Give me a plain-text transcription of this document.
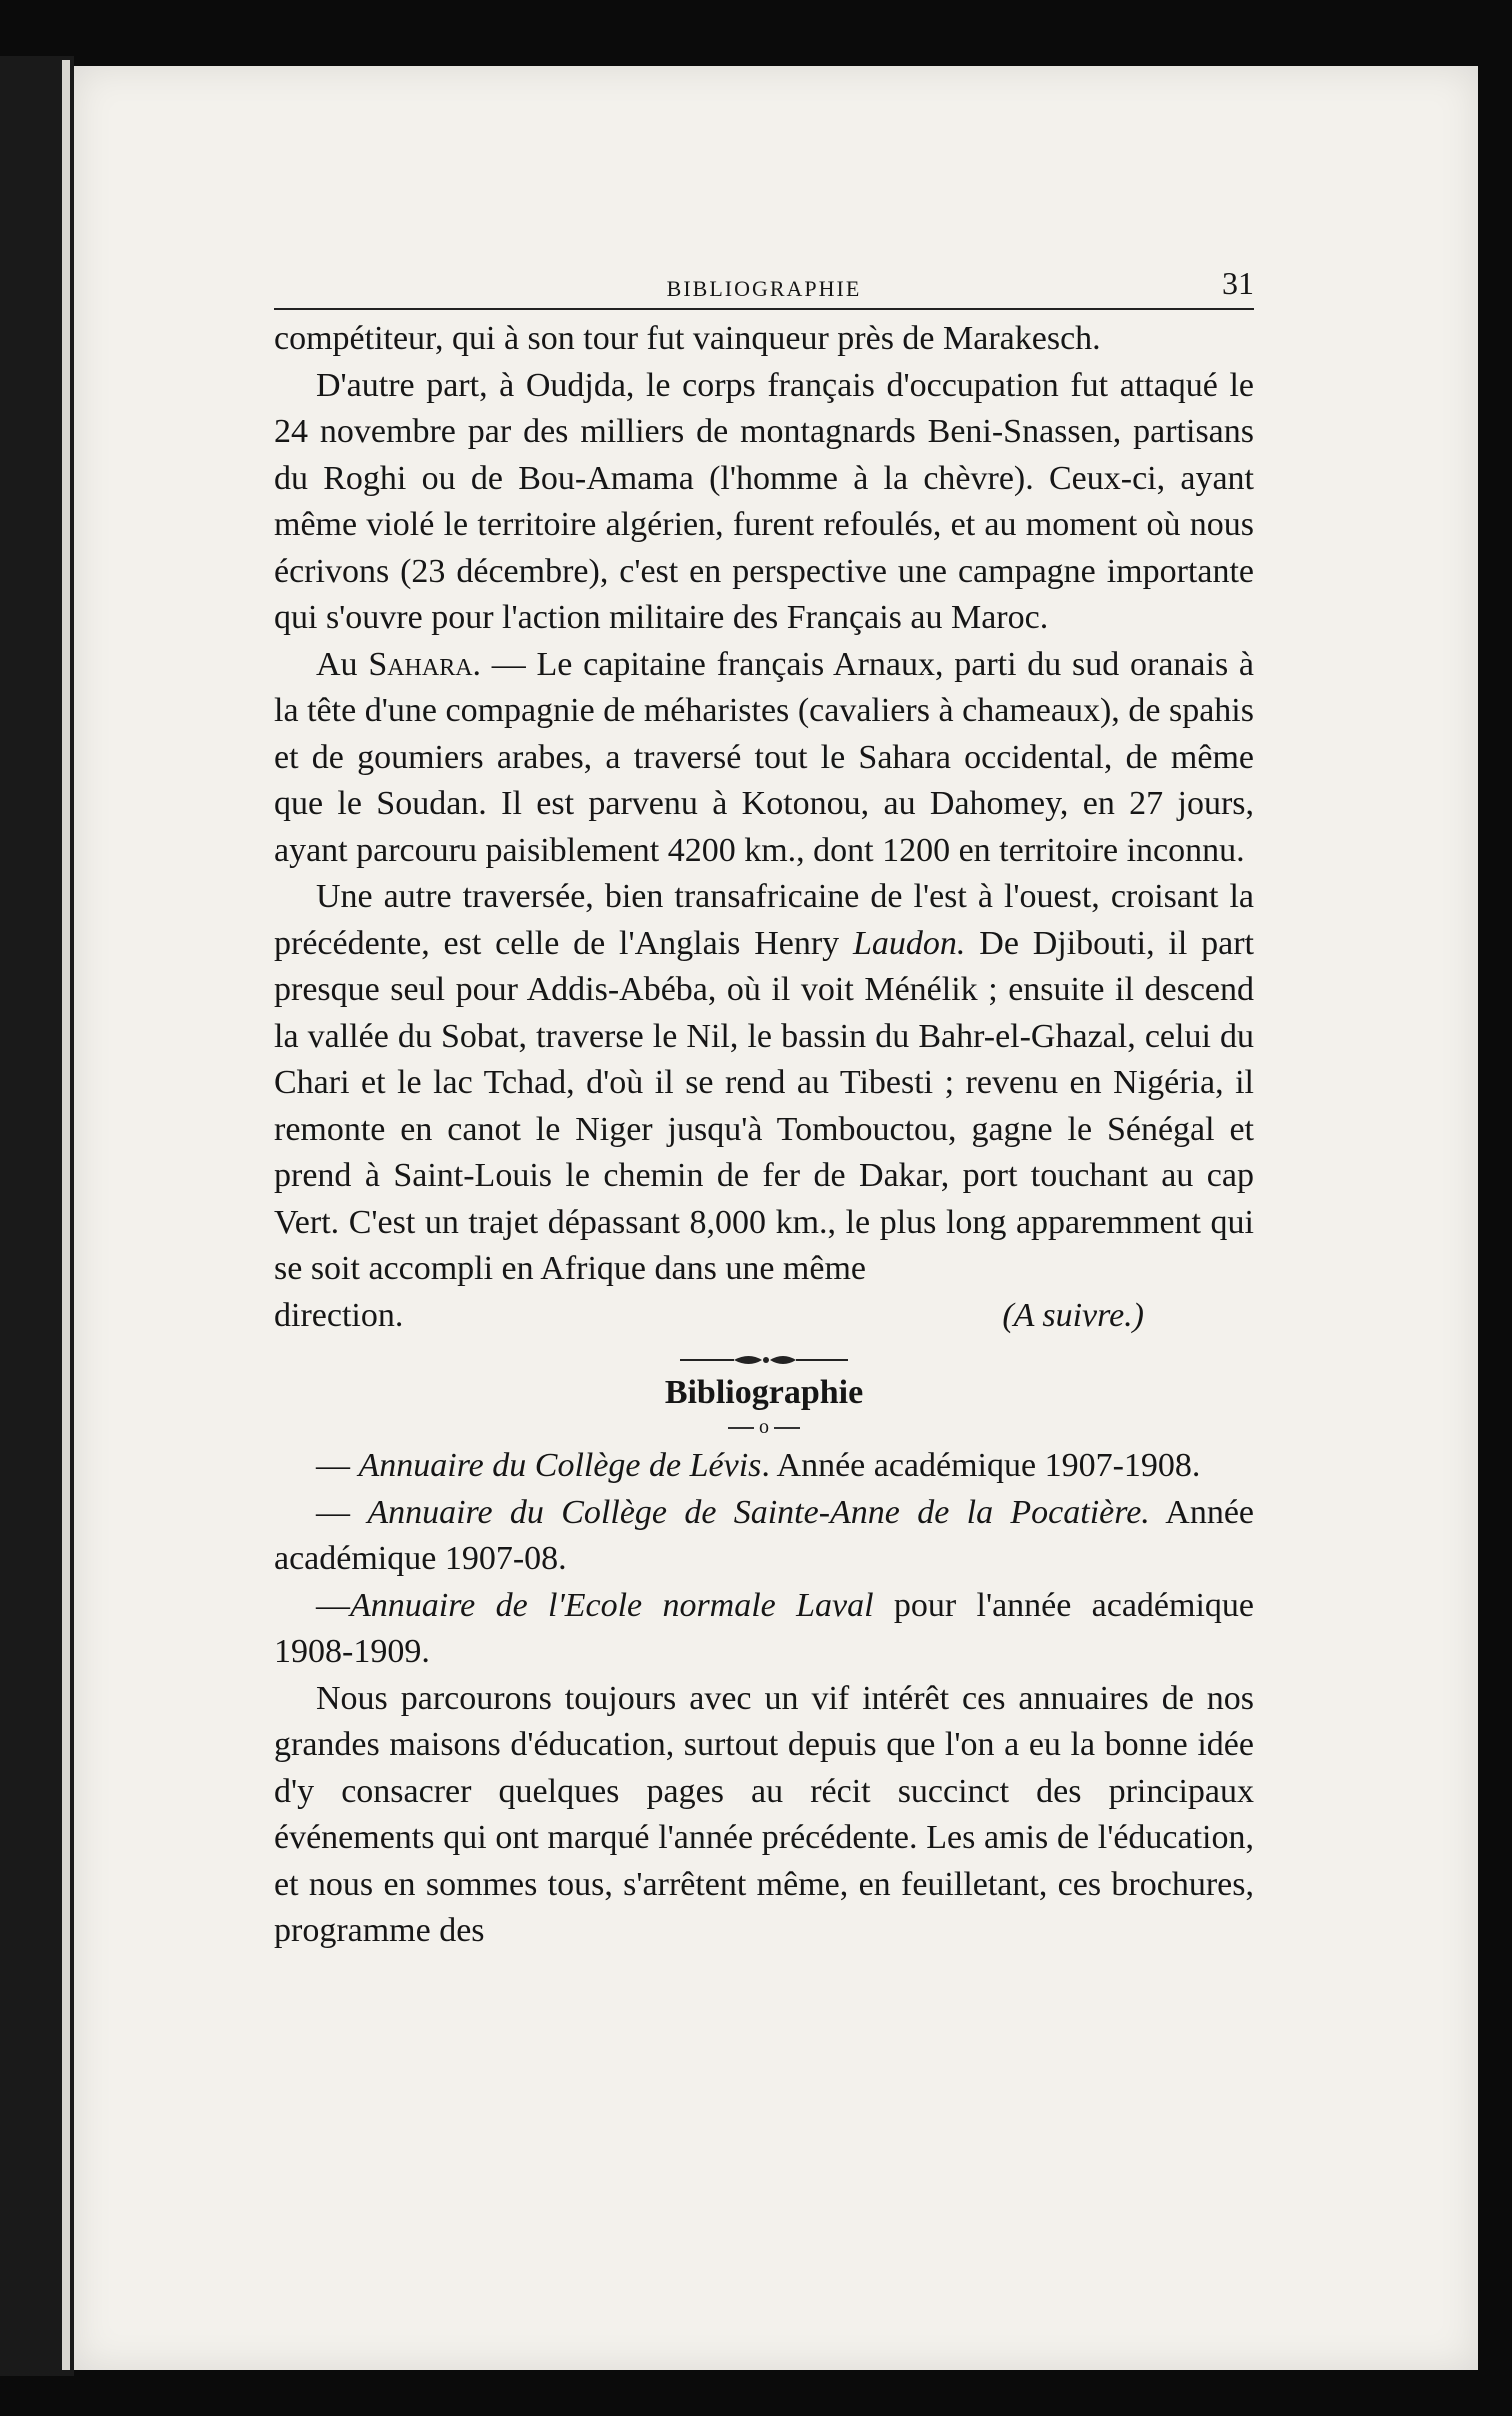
BIBLIOGRAPHIE	31

compétiteur, qui à son tour fut vainqueur près de Marakesch.

D'autre part, à Oudjda, le corps français d'occupation fut attaqué le 24 novembre par des milliers de montagnards Beni-Snassen, partisans du Roghi ou de Bou-Amama (l'homme à la chèvre). Ceux-ci, ayant même violé le territoire algérien, furent refoulés, et au moment où nous écrivons (23 décembre), c'est en perspective une campagne importante qui s'ouvre pour l'action militaire des Français au Maroc.

Au Sahara. — Le capitaine français Arnaux, parti du sud oranais à la tête d'une compagnie de méharistes (cavaliers à chameaux), de spahis et de goumiers arabes, a traversé tout le Sahara occidental, de même que le Soudan. Il est parvenu à Kotonou, au Dahomey, en 27 jours, ayant parcouru paisiblement 4200 km., dont 1200 en territoire inconnu.

Une autre traversée, bien transafricaine de l'est à l'ouest, croisant la précédente, est celle de l'Anglais Henry Laudon. De Djibouti, il part presque seul pour Addis-Abéba, où il voit Ménélik ; ensuite il descend la vallée du Sobat, traverse le Nil, le bassin du Bahr-el-Ghazal, celui du Chari et le lac Tchad, d'où il se rend au Tibesti ; revenu en Nigéria, il remonte en canot le Niger jusqu'à Tombouctou, gagne le Sénégal et prend à Saint-Louis le chemin de fer de Dakar, port touchant au cap Vert. C'est un trajet dépassant 8,000 km., le plus long apparemment qui se soit accompli en Afrique dans une même

direction.	(A suivre.)
Bibliographie
o

— Annuaire du Collège de Lévis. Année académique 1907-1908.

— Annuaire du Collège de Sainte-Anne de la Pocatière. Année académique 1907-08.

—Annuaire de l'Ecole normale Laval pour l'année académique 1908-1909.

Nous parcourons toujours avec un vif intérêt ces annuaires de nos grandes maisons d'éducation, surtout depuis que l'on a eu la bonne idée d'y consacrer quelques pages au récit succinct des principaux événements qui ont marqué l'année précédente. Les amis de l'éducation, et nous en sommes tous, s'arrêtent même, en feuilletant, ces brochures, programme des
